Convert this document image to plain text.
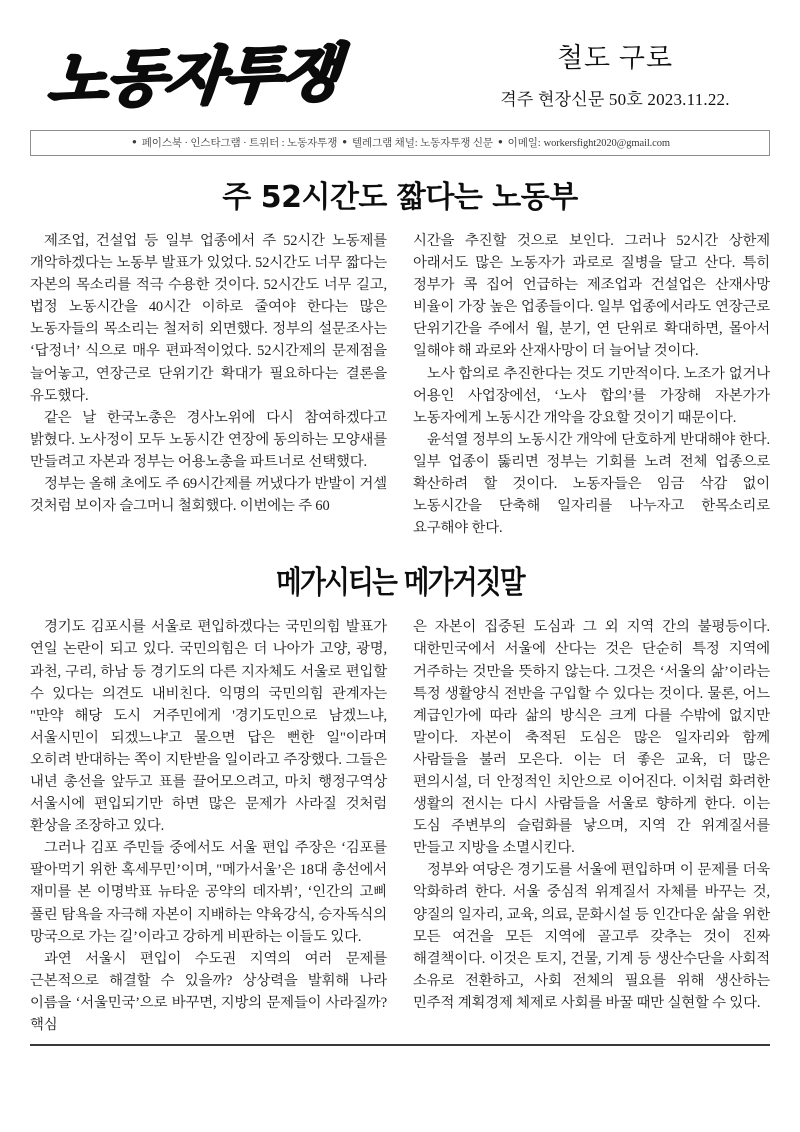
노동자투쟁	철도 구로
격주 현장신문 50호 2023.11.22.
● 페이스북 · 인스타그램 · 트위터 : 노동자투쟁 ● 텔레그램 채널: 노동자투쟁 신문 ● 이메일: workersfight2020@gmail.com
주 52시간도 짧다는 노동부

제조업, 건설업 등 일부 업종에서 주 52시간 노동제를 개악하겠다는 노동부 발표가 있었다. 52시간도 너무 짧다는 자본의 목소리를 적극 수용한 것이다. 52시간도 너무 길고, 법정 노동시간을 40시간 이하로 줄여야 한다는 많은 노동자들의 목소리는 철저히 외면했다. 정부의 설문조사는 ‘답정너’ 식으로 매우 편파적이었다. 52시간제의 문제점을 늘어놓고, 연장근로 단위기간 확대가 필요하다는 결론을 유도했다.

같은 날 한국노총은 경사노위에 다시 참여하겠다고 밝혔다. 노사정이 모두 노동시간 연장에 동의하는 모양새를 만들려고 자본과 정부는 어용노총을 파트너로 선택했다.

정부는 올해 초에도 주 69시간제를 꺼냈다가 반발이 거셀 것처럼 보이자 슬그머니 철회했다. 이번에는 주 60

시간을 추진할 것으로 보인다. 그러나 52시간 상한제 아래서도 많은 노동자가 과로로 질병을 달고 산다. 특히 정부가 콕 집어 언급하는 제조업과 건설업은 산재사망 비율이 가장 높은 업종들이다. 일부 업종에서라도 연장근로 단위기간을 주에서 월, 분기, 연 단위로 확대하면, 몰아서 일해야 해 과로와 산재사망이 더 늘어날 것이다.

노사 합의로 추진한다는 것도 기만적이다. 노조가 없거나 어용인 사업장에선, ‘노사 합의’를 가장해 자본가가 노동자에게 노동시간 개악을 강요할 것이기 때문이다.

윤석열 정부의 노동시간 개악에 단호하게 반대해야 한다. 일부 업종이 뚫리면 정부는 기회를 노려 전체 업종으로 확산하려 할 것이다. 노동자들은 임금 삭감 없이 노동시간을 단축해 일자리를 나누자고 한목소리로 요구해야 한다.

메가시티는 메가거짓말

경기도 김포시를 서울로 편입하겠다는 국민의힘 발표가 연일 논란이 되고 있다. 국민의힘은 더 나아가 고양, 광명, 과천, 구리, 하남 등 경기도의 다른 지자체도 서울로 편입할 수 있다는 의견도 내비친다. 익명의 국민의힘 관계자는 "만약 해당 도시 거주민에게 '경기도민으로 남겠느냐, 서울시민이 되겠느냐'고 물으면 답은 뻔한 일"이라며 오히려 반대하는 쪽이 지탄받을 일이라고 주장했다. 그들은 내년 총선을 앞두고 표를 끌어모으려고, 마치 행정구역상 서울시에 편입되기만 하면 많은 문제가 사라질 것처럼 환상을 조장하고 있다.

그러나 김포 주민들 중에서도 서울 편입 주장은 ‘김포를 팔아먹기 위한 혹세무민’이며, "메가서울’은 18대 총선에서 재미를 본 이명박표 뉴타운 공약의 데자뷔’, ‘인간의 고삐 풀린 탐욕을 자극해 자본이 지배하는 약육강식, 승자독식의 망국으로 가는 길’이라고 강하게 비판하는 이들도 있다.

과연 서울시 편입이 수도권 지역의 여러 문제를 근본적으로 해결할 수 있을까? 상상력을 발휘해 나라 이름을 ‘서울민국’으로 바꾸면, 지방의 문제들이 사라질까? 핵심

은 자본이 집중된 도심과 그 외 지역 간의 불평등이다. 대한민국에서 서울에 산다는 것은 단순히 특정 지역에 거주하는 것만을 뜻하지 않는다. 그것은 ‘서울의 삶’이라는 특정 생활양식 전반을 구입할 수 있다는 것이다. 물론, 어느 계급인가에 따라 삶의 방식은 크게 다를 수밖에 없지만 말이다. 자본이 축적된 도심은 많은 일자리와 함께 사람들을 불러 모은다. 이는 더 좋은 교육, 더 많은 편의시설, 더 안정적인 치안으로 이어진다. 이처럼 화려한 생활의 전시는 다시 사람들을 서울로 향하게 한다. 이는 도심 주변부의 슬럼화를 낳으며, 지역 간 위계질서를 만들고 지방을 소멸시킨다.

정부와 여당은 경기도를 서울에 편입하며 이 문제를 더욱 악화하려 한다. 서울 중심적 위계질서 자체를 바꾸는 것, 양질의 일자리, 교육, 의료, 문화시설 등 인간다운 삶을 위한 모든 여건을 모든 지역에 골고루 갖추는 것이 진짜 해결책이다. 이것은 토지, 건물, 기계 등 생산수단을 사회적 소유로 전환하고, 사회 전체의 필요를 위해 생산하는 민주적 계획경제 체제로 사회를 바꿀 때만 실현할 수 있다.
